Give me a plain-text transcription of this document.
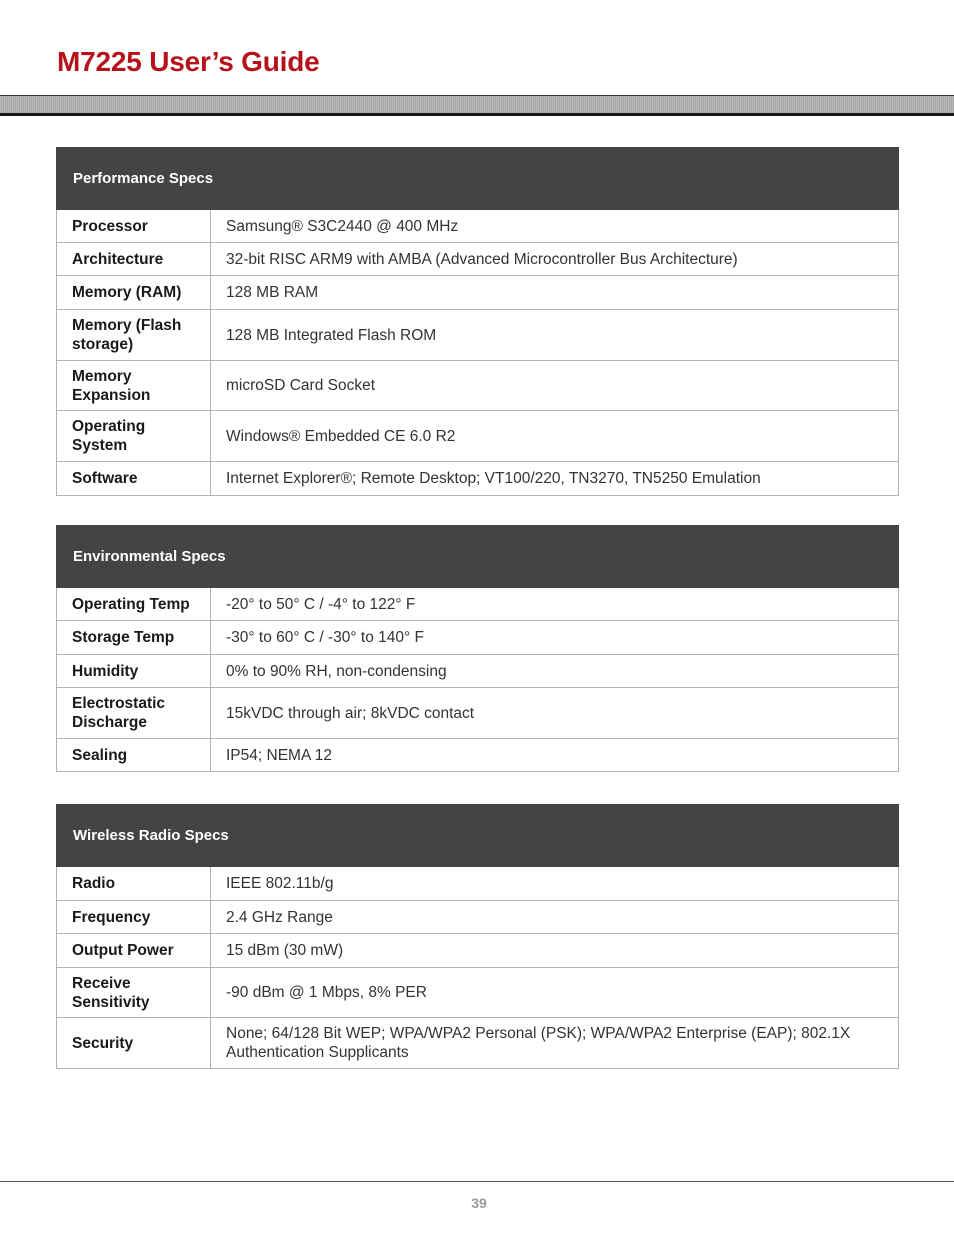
M7225 User’s Guide
Performance Specs	
Processor	Samsung® S3C2440 @ 400 MHz
Architecture	32-bit RISC ARM9 with AMBA (Advanced Microcontroller Bus Architecture)
Memory (RAM)	128 MB RAM
Memory (Flash storage)	128 MB Integrated Flash ROM
Memory Expansion	microSD Card Socket
Operating System	Windows® Embedded CE 6.0 R2
Software	Internet Explorer®; Remote Desktop; VT100/220, TN3270, TN5250 Emulation
Environmental Specs	
Operating Temp	-20° to 50° C / -4° to 122° F
Storage Temp	-30° to 60° C / -30° to 140° F
Humidity	0% to 90% RH, non-condensing
Electrostatic Discharge	15kVDC through air; 8kVDC contact
Sealing	IP54; NEMA 12
Wireless Radio Specs	
Radio	IEEE 802.11b/g
Frequency	2.4 GHz Range
Output Power	15 dBm (30 mW)
Receive Sensitivity	-90 dBm @ 1 Mbps, 8% PER
Security	None; 64/128 Bit WEP; WPA/WPA2 Personal (PSK); WPA/WPA2 Enterprise (EAP); 802.1X Authentication Supplicants
39
